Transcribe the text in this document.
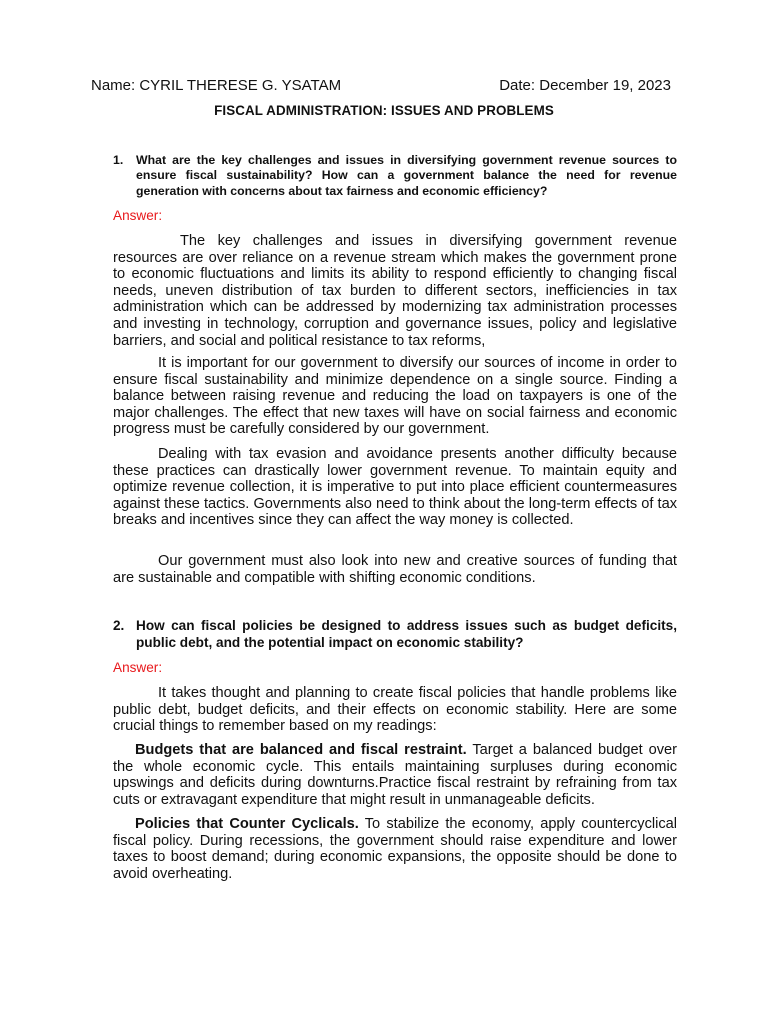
Name: CYRIL THERESE G. YSATAM	Date: December 19, 2023
FISCAL ADMINISTRATION: ISSUES AND PROBLEMS
1. What are the key challenges and issues in diversifying government revenue sources to ensure fiscal sustainability? How can a government balance the need for revenue generation with concerns about tax fairness and economic efficiency?
Answer:
The key challenges and issues in diversifying government revenue resources are over reliance on a revenue stream which makes the government prone to economic fluctuations and limits its ability to respond efficiently to changing fiscal needs, uneven distribution of tax burden to different sectors, inefficiencies in tax administration which can be addressed by modernizing tax administration processes and investing in technology, corruption and governance issues, policy and legislative barriers, and social and political resistance to tax reforms,
It is important for our government to diversify our sources of income in order to ensure fiscal sustainability and minimize dependence on a single source. Finding a balance between raising revenue and reducing the load on taxpayers is one of the major challenges. The effect that new taxes will have on social fairness and economic progress must be carefully considered by our government.
Dealing with tax evasion and avoidance presents another difficulty because these practices can drastically lower government revenue. To maintain equity and optimize revenue collection, it is imperative to put into place efficient countermeasures against these tactics. Governments also need to think about the long-term effects of tax breaks and incentives since they can affect the way money is collected.
Our government must also look into new and creative sources of funding that are sustainable and compatible with shifting economic conditions.
2. How can fiscal policies be designed to address issues such as budget deficits, public debt, and the potential impact on economic stability?
Answer:
It takes thought and planning to create fiscal policies that handle problems like public debt, budget deficits, and their effects on economic stability. Here are some crucial things to remember based on my readings:
Budgets that are balanced and fiscal restraint. Target a balanced budget over the whole economic cycle. This entails maintaining surpluses during economic upswings and deficits during downturns.Practice fiscal restraint by refraining from tax cuts or extravagant expenditure that might result in unmanageable deficits.
Policies that Counter Cyclicals. To stabilize the economy, apply countercyclical fiscal policy. During recessions, the government should raise expenditure and lower taxes to boost demand; during economic expansions, the opposite should be done to avoid overheating.
